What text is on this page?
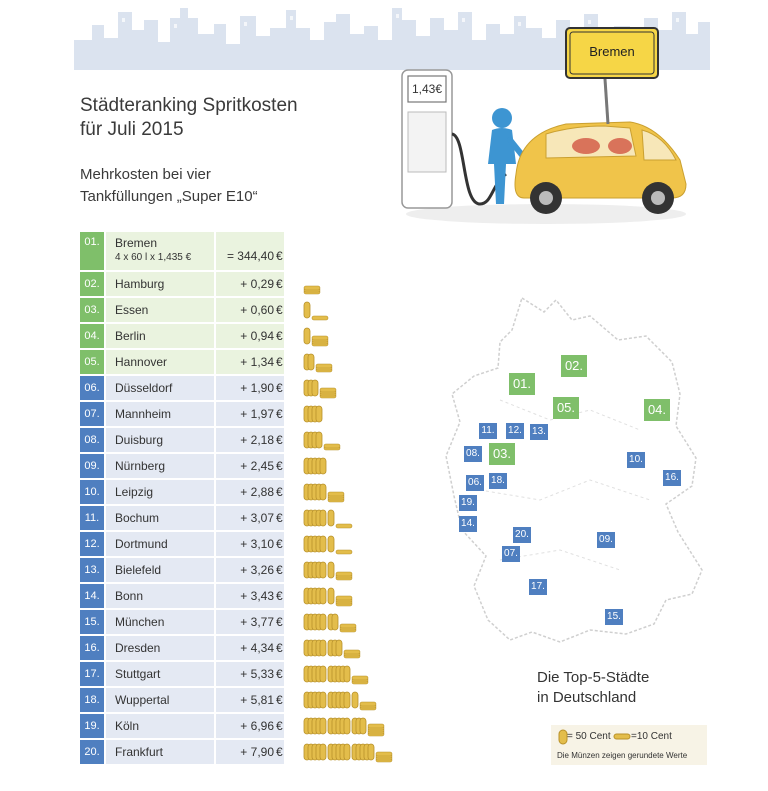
Städteranking Spritkosten
für Juli 2015
Mehrkosten bei vier
Tankfüllungen „Super E10“
1,43€
Bremen
01.	Bremen
4 x 60 l x 1,435 €	= 344,40 €
02.	Hamburg	+ 0,29 €
03.	Essen	+ 0,60 €
04.	Berlin	+ 0,94 €
05.	Hannover	+ 1,34 €
06.	Düsseldorf	+ 1,90 €
07.	Mannheim	+ 1,97 €
08.	Duisburg	+ 2,18 €
09.	Nürnberg	+ 2,45 €
10.	Leipzig	+ 2,88 €
11.	Bochum	+ 3,07 €
12.	Dortmund	+ 3,10 €
13.	Bielefeld	+ 3,26 €
14.	Bonn	+ 3,43 €
15.	München	+ 3,77 €
16.	Dresden	+ 4,34 €
17.	Stuttgart	+ 5,33 €
18.	Wuppertal	+ 5,81 €
19.	Köln	+ 6,96 €
20.	Frankfurt	+ 7,90 €
01.
02.
03.
04.
05.
06.
07.
08.
09.
10.
11. 12. 13.
14.
15.
16.
17.
18.
19.
20.
Die Top-5-Städte
in Deutschland
= 50 Cent =10 Cent
Die Münzen zeigen gerundete Werte
